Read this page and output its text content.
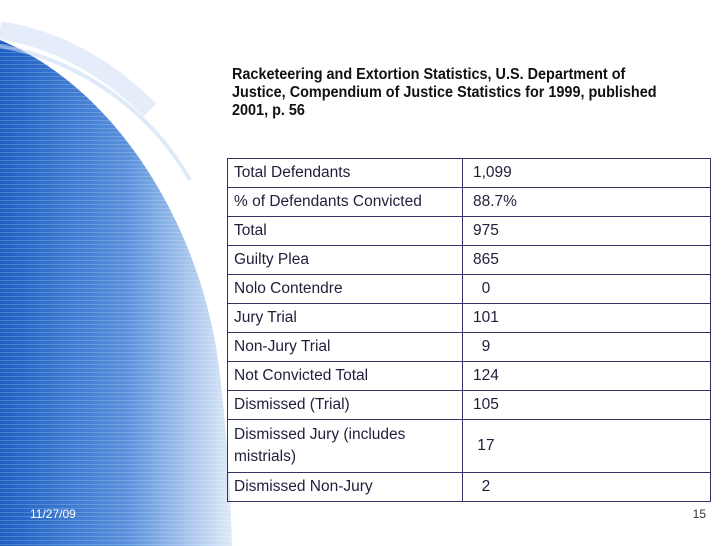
Racketeering and Extortion Statistics, U.S. Department of Justice, Compendium of Justice Statistics for 1999, published 2001, p. 56
Total Defendants	1,099
% of Defendants Convicted	88.7%
Total	975
Guilty Plea	865
Nolo Contendre	0
Jury Trial	101
Non-Jury Trial	9
Not Convicted Total	124
Dismissed (Trial)	105
Dismissed Jury (includes mistrials)	17
Dismissed Non-Jury	2
11/27/09	15
